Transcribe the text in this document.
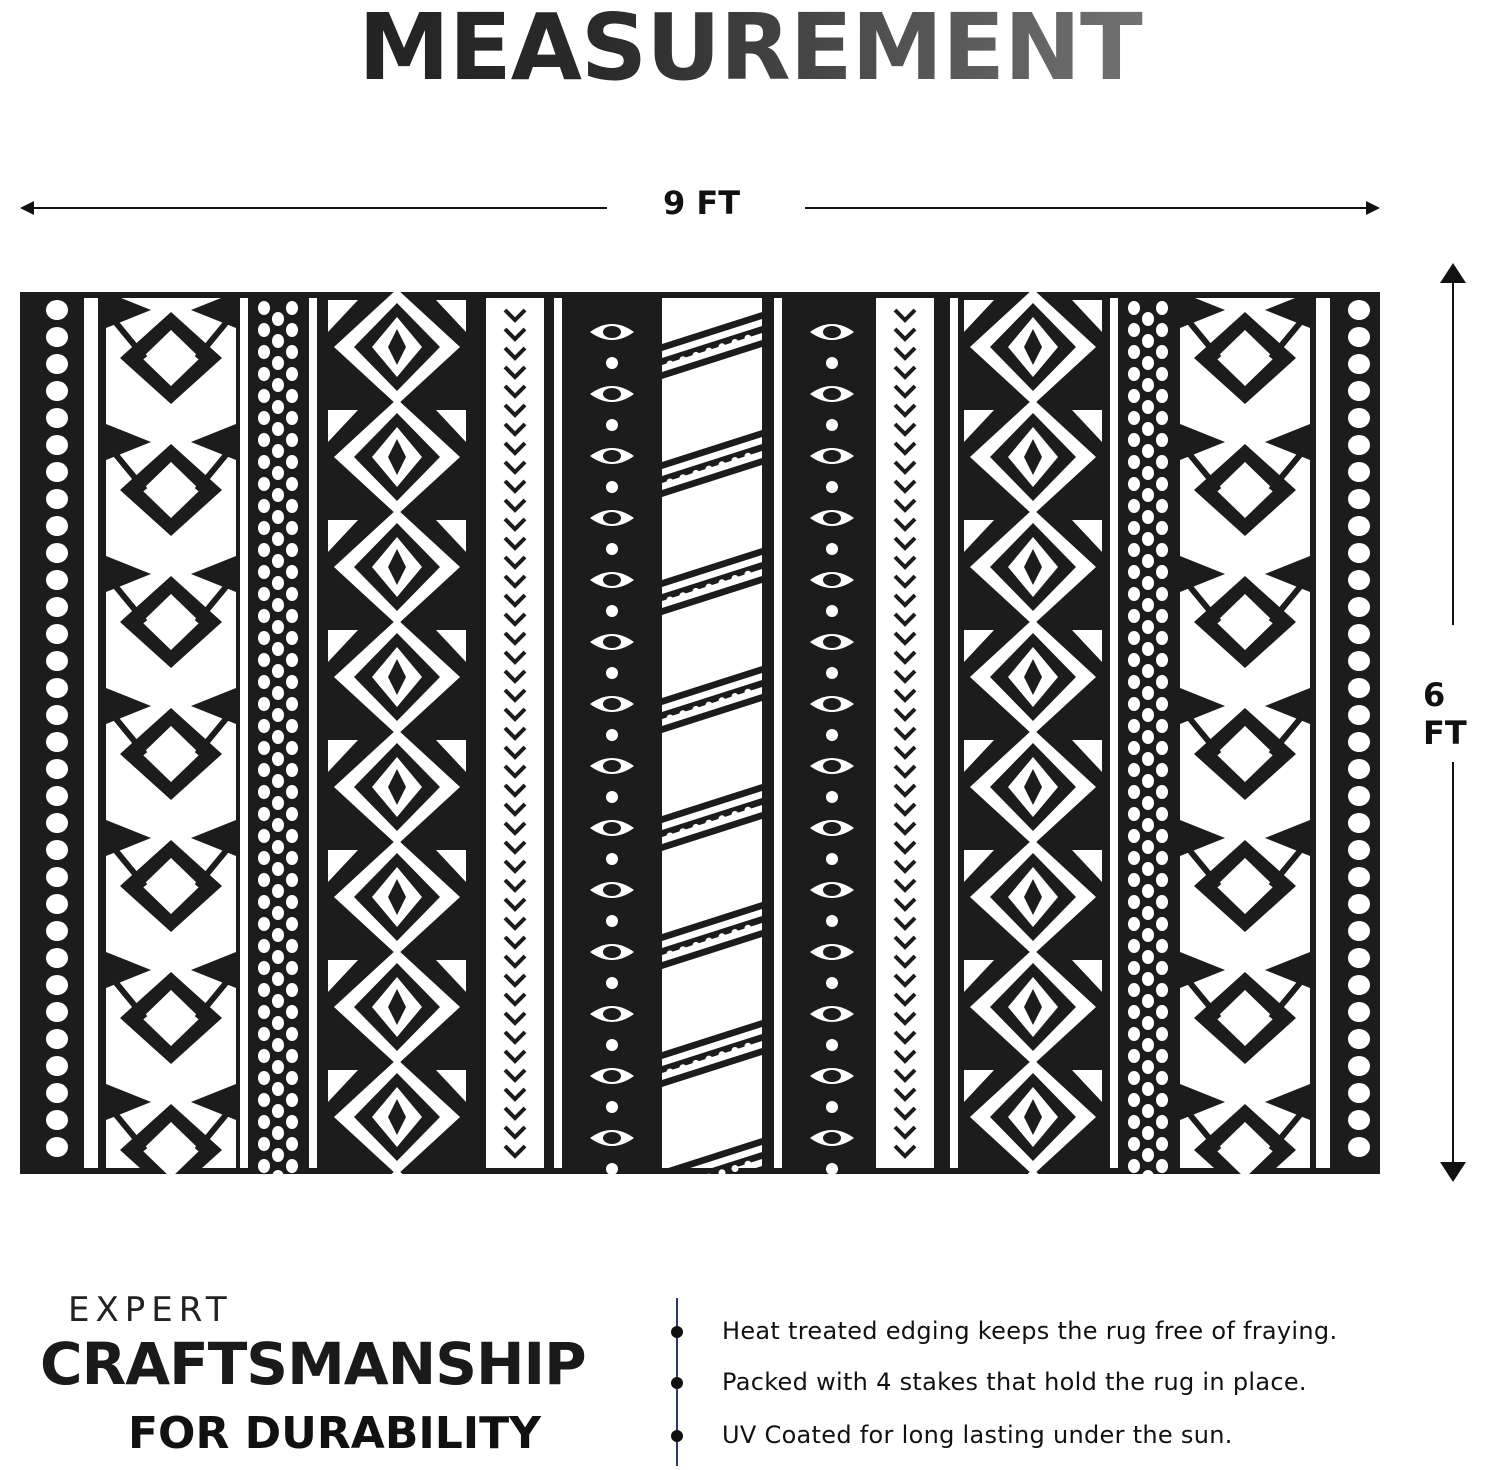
MEASUREMENT
9 FT
6 FT
EXPERT
CRAFTSMANSHIP
FOR DURABILITY
Heat treated edging keeps the rug free of fraying.
Packed with 4 stakes that hold the rug in place.
UV Coated for long lasting under the sun.
